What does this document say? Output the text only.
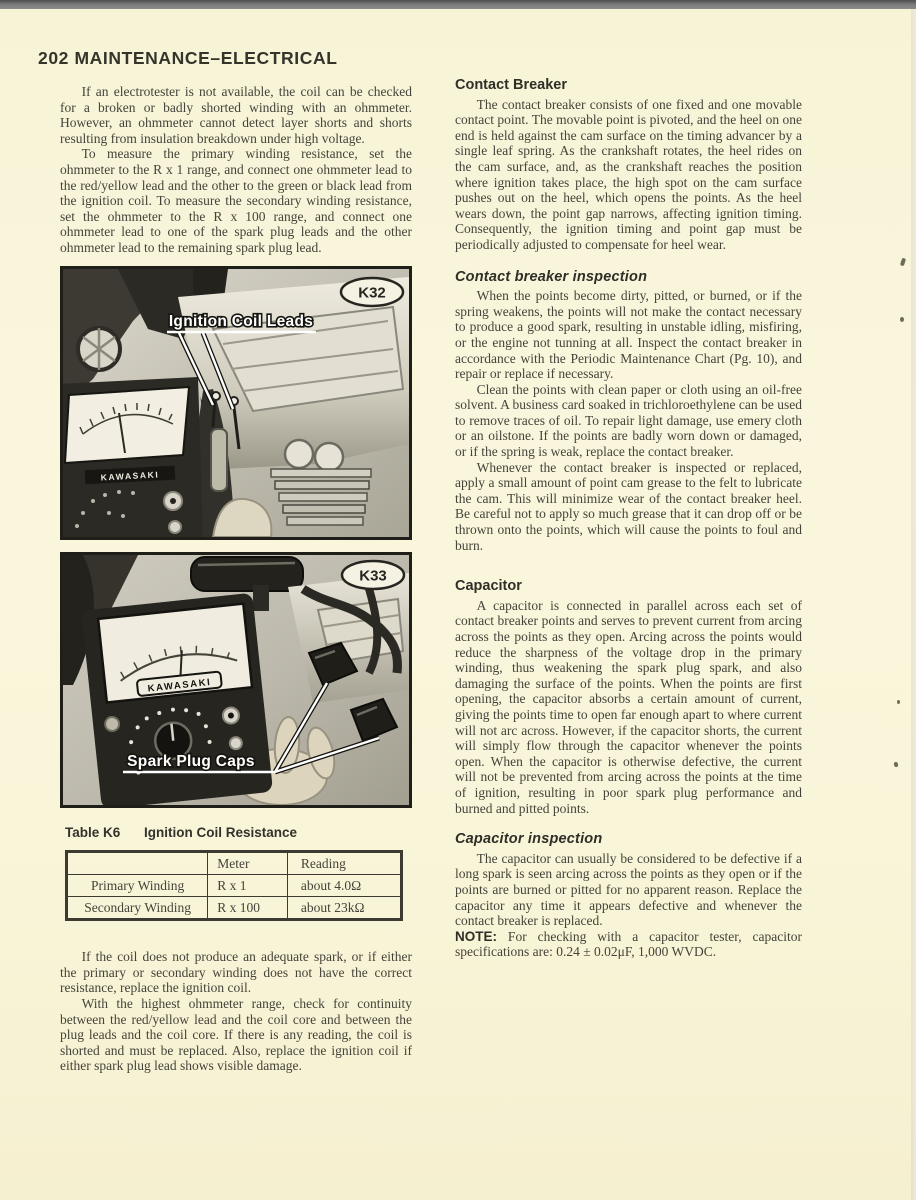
202 MAINTENANCE–ELECTRICAL

If an electrotester is not available, the coil can be checked for a broken or badly shorted winding with an ohmmeter. However, an ohmmeter cannot detect layer shorts and shorts resulting from insulation breakdown under high voltage.

To measure the primary winding resistance, set the ohmmeter to the R x 1 range, and connect one ohmmeter lead to the red/yellow lead and the other to the green or black lead from the ignition coil. To measure the secondary winding resistance, set the ohmmeter to the R x 100 range, and connect one ohmmeter lead to one of the spark plug leads and the other ohmmeter lead to the remaining spark plug lead.

KAWASAKI
Ignition Coil Leads
K32
KAWASAKI
Spark Plug Caps
K33
Table K6 Ignition Coil Resistance
	Meter	Reading
Primary Winding	R x 1	about 4.0Ω
Secondary Winding	R x 100	about 23kΩ

If the coil does not produce an adequate spark, or if either the primary or secondary winding does not have the correct resistance, replace the ignition coil.

With the highest ohmmeter range, check for continuity between the red/yellow lead and the coil core and between the plug leads and the coil core. If there is any reading, the coil is shorted and must be replaced. Also, replace the ignition coil if either spark plug lead shows visible damage.

Contact Breaker

The contact breaker consists of one fixed and one movable contact point. The movable point is pivoted, and the heel on one end is held against the cam surface on the timing advancer by a single leaf spring. As the crankshaft rotates, the heel rides on the cam surface, and, as the crankshaft reaches the position where ignition takes place, the high spot on the cam surface pushes out on the heel, which opens the points. As the heel wears down, the point gap narrows, affecting ignition timing. Consequently, the ignition timing and point gap must be periodically adjusted to compensate for heel wear.

Contact breaker inspection

When the points become dirty, pitted, or burned, or if the spring weakens, the points will not make the contact necessary to produce a good spark, resulting in unstable idling, misfiring, or the engine not tunning at all. Inspect the contact breaker in accordance with the Periodic Maintenance Chart (Pg. 10), and repair or replace if necessary.

Clean the points with clean paper or cloth using an oil-free solvent. A business card soaked in trichloroethylene can be used to remove traces of oil. To repair light damage, use emery cloth or an oilstone. If the points are badly worn down or damaged, or if the spring is weak, replace the contact breaker.

Whenever the contact breaker is inspected or replaced, apply a small amount of point cam grease to the felt to lubricate the cam. This will minimize wear of the contact breaker heel. Be careful not to apply so much grease that it can drop off or be thrown onto the points, which will cause the points to foul and burn.

Capacitor

A capacitor is connected in parallel across each set of contact breaker points and serves to prevent current from arcing across the points as they open. Arcing across the points would reduce the sharpness of the voltage drop in the primary winding, thus weakening the spark plug spark, and also damaging the surface of the points. When the points are first opening, the capacitor absorbs a certain amount of current, giving the points time to open far enough apart to where current will not arc across. However, if the capacitor shorts, the current will simply flow through the capacitor whenever the points open. When the capacitor is otherwise defective, the current will not be prevented from arcing across the points at the time of ignition, resulting in poor spark plug performance and burned and pitted points.

Capacitor inspection

The capacitor can usually be considered to be defective if a long spark is seen arcing across the points as they open or if the points are burned or pitted for no apparent reason. Replace the capacitor any time it appears defective and whenever the contact breaker is replaced.

NOTE: For checking with a capacitor tester, capacitor specifications are: 0.24 ± 0.02μF, 1,000 WVDC.
